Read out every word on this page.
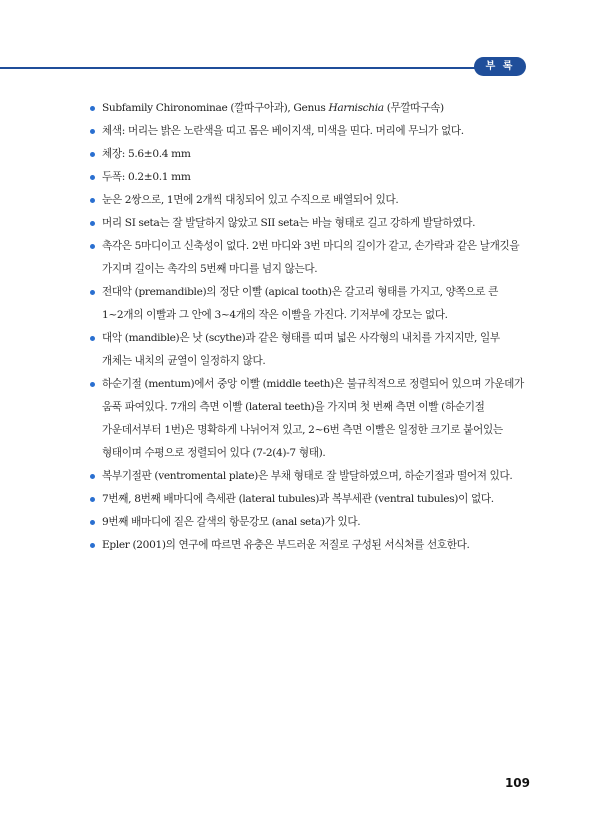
부 록
Subfamily Chironominae (깔따구아과), Genus Harnischia (무깔따구속)
체색: 머리는 밝은 노란색을 띠고 몸은 베이지색, 미색을 띤다. 머리에 무늬가 없다.
체장: 5.6±0.4 mm
두폭: 0.2±0.1 mm
눈은 2쌍으로, 1면에 2개씩 대칭되어 있고 수직으로 배열되어 있다.
머리 SI seta는 잘 발달하지 않았고 SII seta는 바늘 형태로 길고 강하게 발달하였다.
촉각은 5마디이고 신축성이 없다. 2번 마디와 3번 마디의 길이가 같고, 손가락과 같은 날개깃을 가지며 길이는 촉각의 5번째 마디를 넘지 않는다.
전대악 (premandible)의 정단 이빨 (apical tooth)은 갈고리 형태를 가지고, 양쪽으로 큰 1~2개의 이빨과 그 안에 3~4개의 작은 이빨을 가진다. 기저부에 강모는 없다.
대악 (mandible)은 낫 (scythe)과 같은 형태를 띠며 넓은 사각형의 내치를 가지지만, 일부 개체는 내치의 균열이 일정하지 않다.
하순기절 (mentum)에서 중앙 이빨 (middle teeth)은 불규칙적으로 정렬되어 있으며 가운데가 움푹 파여있다. 7개의 측면 이빨 (lateral teeth)을 가지며 첫 번째 측면 이빨 (하순기절 가운데서부터 1번)은 명확하게 나뉘어져 있고, 2~6번 측면 이빨은 일정한 크기로 붙어있는 형태이며 수평으로 정렬되어 있다 (7-2(4)-7 형태).
복부기절판 (ventromental plate)은 부채 형태로 잘 발달하였으며, 하순기절과 떨어져 있다.
7번째, 8번째 배마디에 측세관 (lateral tubules)과 복부세관 (ventral tubules)이 없다.
9번째 배마디에 짙은 갈색의 항문강모 (anal seta)가 있다.
Epler (2001)의 연구에 따르면 유충은 부드러운 저질로 구성된 서식처를 선호한다.
109
